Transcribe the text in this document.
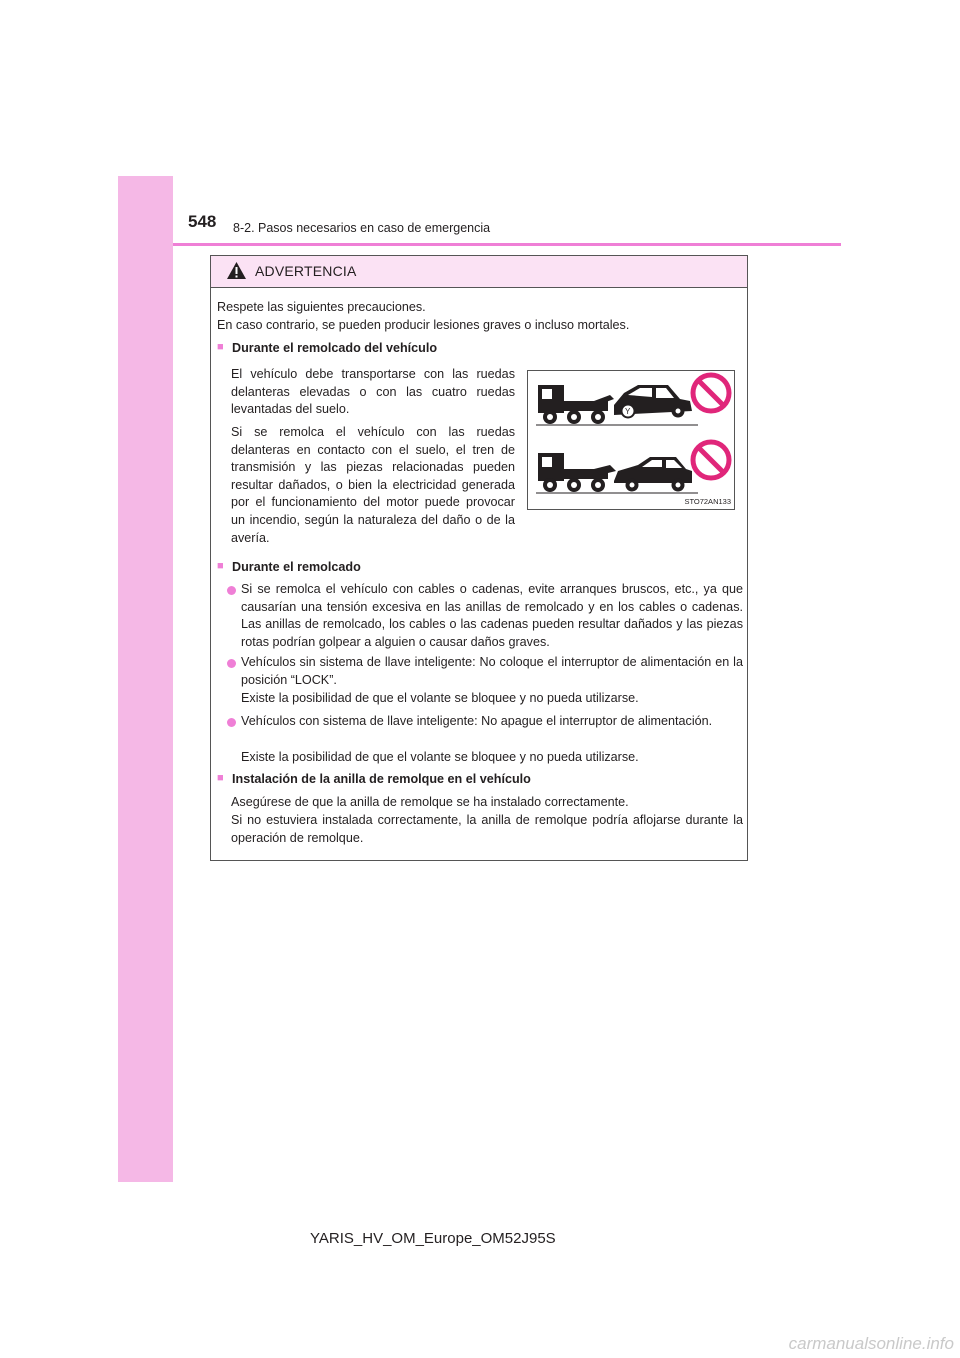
548 8-2. Pasos necesarios en caso de emergencia
ADVERTENCIA
Respete las siguientes precauciones.
En caso contrario, se pueden producir lesiones graves o incluso mortales.
■ Durante el remolcado del vehículo
El vehículo debe transportarse con las ruedas delanteras elevadas o con las cuatro ruedas levantadas del suelo.
Si se remolca el vehículo con las ruedas delanteras en contacto con el suelo, el tren de transmisión y las piezas relacionadas pueden resultar dañados, o bien la electricidad generada por el funcionamiento del motor puede provocar un incendio, según la naturaleza del daño o de la avería.
Y
STO72AN133
■ Durante el remolcado
Si se remolca el vehículo con cables o cadenas, evite arranques bruscos, etc., ya que causarían una tensión excesiva en las anillas de remolcado y en los cables o cadenas. Las anillas de remolcado, los cables o las cadenas pueden resultar dañados y las piezas rotas podrían golpear a alguien o causar daños graves.
Vehículos sin sistema de llave inteligente: No coloque el interruptor de alimentación en la posición “LOCK”.
Existe la posibilidad de que el volante se bloquee y no pueda utilizarse.
Vehículos con sistema de llave inteligente: No apague el interruptor de alimentación.
Existe la posibilidad de que el volante se bloquee y no pueda utilizarse.
■ Instalación de la anilla de remolque en el vehículo
Asegúrese de que la anilla de remolque se ha instalado correctamente.
Si no estuviera instalada correctamente, la anilla de remolque podría aflojarse durante la operación de remolque.
YARIS_HV_OM_Europe_OM52J95S
carmanualsonline.info
